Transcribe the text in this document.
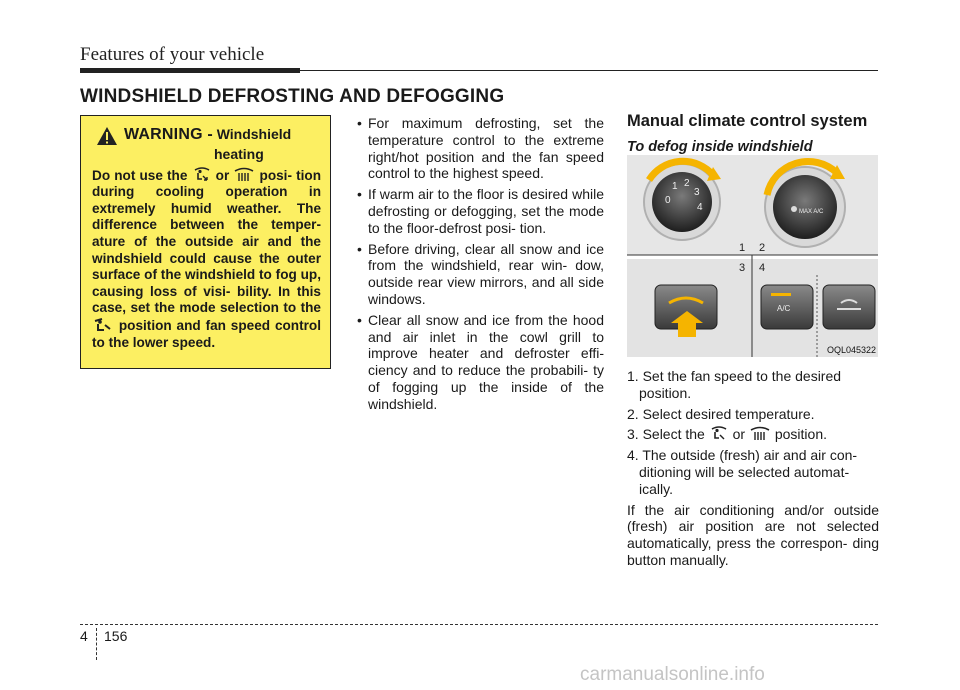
Features of your vehicle
WINDSHIELD DEFROSTING AND DEFOGGING
WARNING - Windshield
heating
Do not use the or posi- tion during cooling operation in extremely humid weather. The difference between the temper- ature of the outside air and the windshield could cause the outer surface of the windshield to fog up, causing loss of visi- bility. In this case, set the mode selection to the  position and fan speed control to the lower speed.
• For maximum defrosting, set the temperature control to the extreme right/hot position and the fan speed control to the highest speed.
• If warm air to the floor is desired while defrosting or defogging, set the mode to the floor-defrost posi- tion.
• Before driving, clear all snow and ice from the windshield, rear win- dow, outside rear view mirrors, and all side windows.
• Clear all snow and ice from the hood and air inlet in the cowl grill to improve heater and defroster effi- ciency and to reduce the probabili- ty of fogging up the inside of the windshield.
Manual climate control system
To defog inside windshield
0
1 2
3
4	MAX A/C
1 2
3 4
A/C
OQL045322
1. Set the fan speed to the desired position.
2. Select desired temperature.
3. Select the or position.
4. The outside (fresh) air and air con- ditioning will be selected automat- ically.

If the air conditioning and/or outside (fresh) air position are not selected automatically, press the correspon- ding button manually.

4 156
carmanualsonline.info
